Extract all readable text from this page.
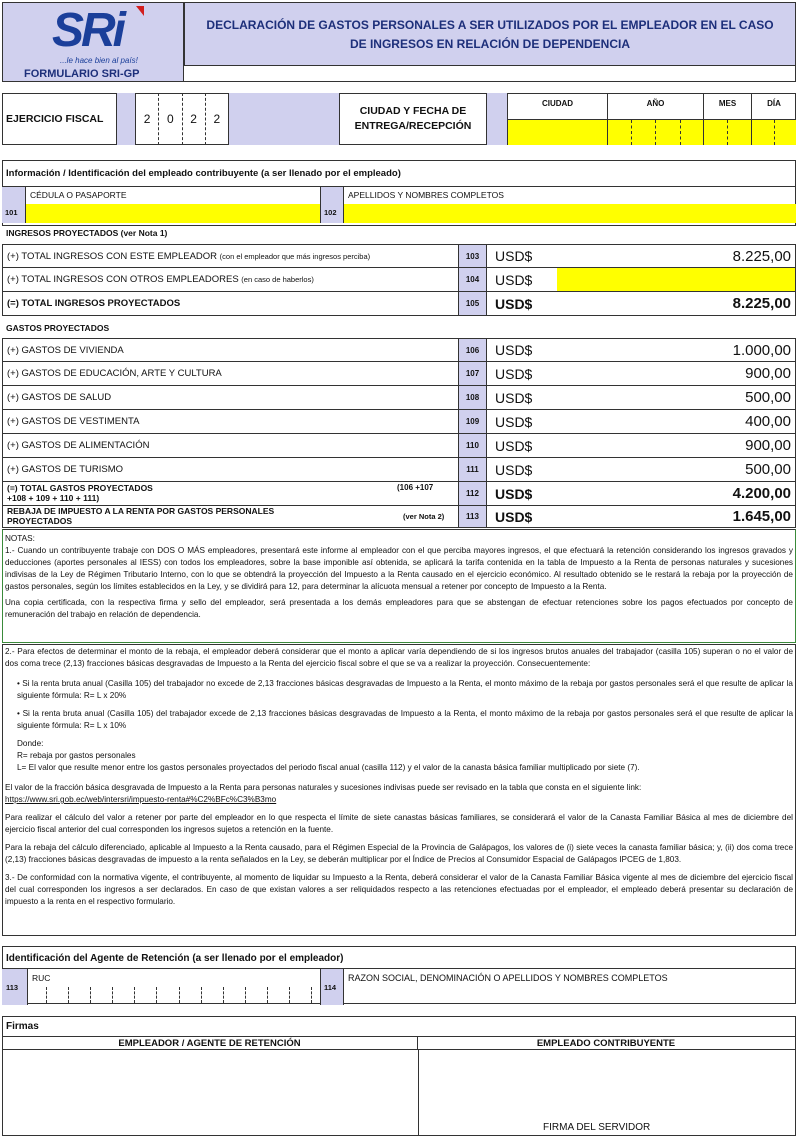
SRi
...le hace bien al país!
FORMULARIO SRI-GP
DECLARACIÓN DE GASTOS PERSONALES A SER UTILIZADOS POR EL EMPLEADOR EN EL CASO
DE INGRESOS EN RELACIÓN DE DEPENDENCIA
EJERCICIO FISCAL	2	0	2	2
CIUDAD Y FECHA DE
ENTREGA/RECEPCIÓN
CIUDAD	AÑO	MES	DÍA
Información / Identificación del empleado contribuyente (a ser llenado por el empleado)
101
CÉDULA O PASAPORTE
102
APELLIDOS Y NOMBRES COMPLETOS
INGRESOS PROYECTADOS (ver Nota 1)
(+) TOTAL INGRESOS CON ESTE EMPLEADOR
(con el empleador que más ingresos perciba)	103	USD$	8.225,00
(+) TOTAL INGRESOS CON OTROS EMPLEADORES
(en caso de haberlos)	104	USD$
(=) TOTAL INGRESOS PROYECTADOS	105	USD$	8.225,00
GASTOS PROYECTADOS
(+) GASTOS DE VIVIENDA	106	USD$	1.000,00
(+) GASTOS DE EDUCACIÓN, ARTE Y CULTURA	107	USD$	900,00
(+) GASTOS DE SALUD	108	USD$	500,00
(+) GASTOS DE VESTIMENTA	109	USD$	400,00
(+) GASTOS DE ALIMENTACIÓN	110	USD$	900,00
(+) GASTOS DE TURISMO	111	USD$	500,00
(=) TOTAL GASTOS PROYECTADOS
+108 + 109 + 110 + 111)
(106 +107
112	USD$	4.200,00
REBAJA DE IMPUESTO A LA RENTA POR GASTOS PERSONALES
PROYECTADOS	(ver Nota 2)	113	USD$	1.645,00

NOTAS:

1.- Cuando un contribuyente trabaje con DOS O MÁS empleadores, presentará este informe al empleador con el que perciba mayores ingresos, el que efectuará la retención considerando los ingresos gravados y deducciones (aportes personales al IESS) con todos los empleadores, sobre la base imponible así obtenida, se aplicará la tarifa contenida en la tabla de Impuesto a la Renta de personas naturales y sucesiones indivisas de la Ley de Régimen Tributario Interno, con lo que se obtendrá la proyección del Impuesto a la Renta causado en el ejercicio económico. Al resultado obtenido se le restará la rebaja por la proyección de gastos personales, según los límites establecidos en la Ley, y se dividirá para 12, para determinar la alícuota mensual a retener por concepto de Impuesto a la Renta.

Una copia certificada, con la respectiva firma y sello del empleador, será presentada a los demás empleadores para que se abstengan de efectuar retenciones sobre los pagos efectuados por concepto de remuneración del trabajo en relación de dependencia.

2.- Para efectos de determinar el monto de la rebaja, el empleador deberá considerar que el monto a aplicar varía dependiendo de si los ingresos brutos anuales del trabajador (casilla 105) superan o no el valor de dos coma trece (2,13) fracciones básicas desgravadas de Impuesto a la Renta del ejercicio fiscal sobre el que se va a realizar la proyección. Consecuentemente:

• Si la renta bruta anual (Casilla 105) del trabajador no excede de 2,13 fracciones básicas desgravadas de Impuesto a la Renta, el monto máximo de la rebaja por gastos personales será el que resulte de aplicar la siguiente fórmula: R= L x 20%

• Si la renta bruta anual (Casilla 105) del trabajador excede de 2,13 fracciones básicas desgravadas de Impuesto a la Renta, el monto máximo de la rebaja por gastos personales será el que resulte de aplicar la siguiente fórmula: R= L x 10%

Donde:

R= rebaja por gastos personales

L= El valor que resulte menor entre los gastos personales proyectados del periodo fiscal anual (casilla 112) y el valor de la canasta básica familiar multiplicado por siete (7).

El valor de la fracción básica desgravada de Impuesto a la Renta para personas naturales y sucesiones indivisas puede ser revisado en la tabla que consta en el siguiente link:
https://www.sri.gob.ec/web/intersri/impuesto-renta#%C2%BFc%C3%B3mo

Para realizar el cálculo del valor a retener por parte del empleador en lo que respecta el límite de siete canastas básicas familiares, se considerará el valor de la Canasta Familiar Básica al mes de diciembre del ejercicio fiscal anterior del cual corresponden los ingresos sujetos a retención en la fuente.

Para la rebaja del cálculo diferenciado, aplicable al Impuesto a la Renta causado, para el Régimen Especial de la Provincia de Galápagos, los valores de (i) siete veces la canasta familiar básica; y, (ii) dos coma trece (2,13) fracciones básicas desgravadas de impuesto a la renta señalados en la Ley, se deberán multiplicar por el Índice de Precios al Consumidor Espacial de Galápagos IPCEG de 1,803.

3.- De conformidad con la normativa vigente, el contribuyente, al momento de liquidar su Impuesto a la Renta, deberá considerar el valor de la Canasta Familiar Básica vigente al mes de diciembre del ejercicio fiscal del cual corresponden los ingresos a ser declarados. En caso de que existan valores a ser reliquidados respecto a las retenciones efectuadas por el empleador, el empleado deberá presentar su declaración de impuesto a la renta en el respectivo formulario.

Identificación del Agente de Retención (a ser llenado por el empleador)
113
RUC
114
RAZON SOCIAL, DENOMINACIÓN O APELLIDOS Y NOMBRES COMPLETOS
Firmas
EMPLEADOR / AGENTE DE RETENCIÓN	EMPLEADO CONTRIBUYENTE
FIRMA DEL SERVIDOR
